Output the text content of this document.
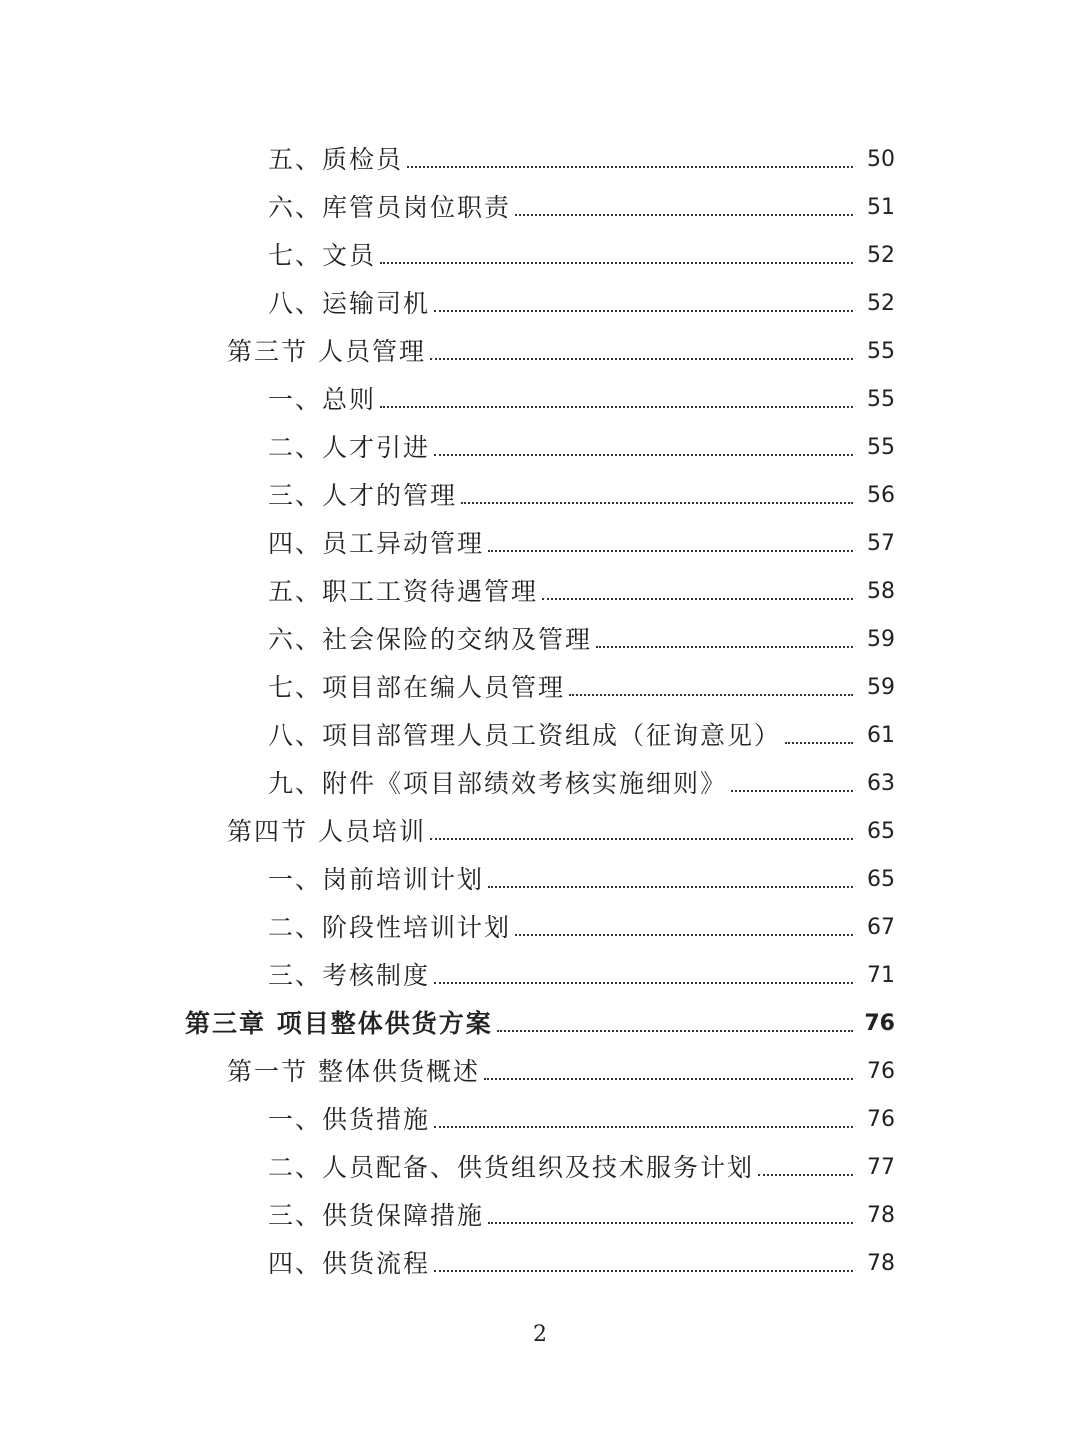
五、质检员	50
六、库管员岗位职责	51
七、文员	52
八、运输司机	52
第三节 人员管理	55
一、总则	55
二、人才引进	55
三、人才的管理	56
四、员工异动管理	57
五、职工工资待遇管理	58
六、社会保险的交纳及管理	59
七、项目部在编人员管理	59
八、项目部管理人员工资组成（征询意见）	61
九、附件《项目部绩效考核实施细则》	63
第四节 人员培训	65
一、岗前培训计划	65
二、阶段性培训计划	67
三、考核制度	71
第三章 项目整体供货方案	76
第一节 整体供货概述	76
一、供货措施	76
二、人员配备、供货组织及技术服务计划	77
三、供货保障措施	78
四、供货流程	78
2
